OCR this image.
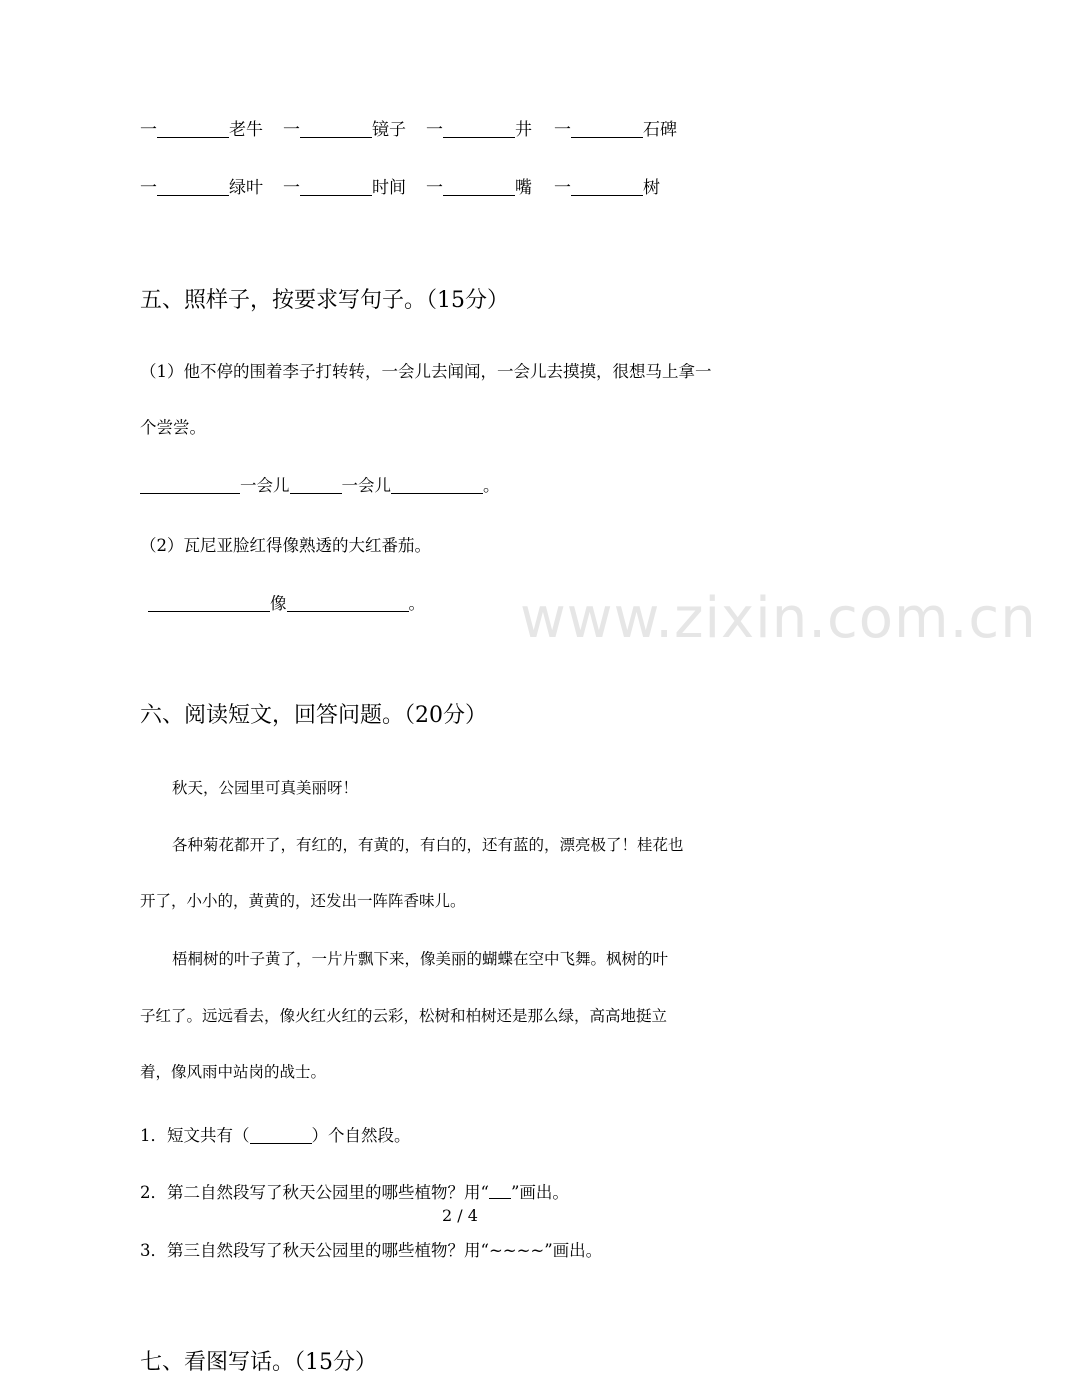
www.zixin.com.cn
一	老牛 一	镜子 一	井 一	石碑
一	绿叶 一	时间 一	嘴 一	树
五、照样子，按要求写句子。（15分）
（1）他不停的围着李子打转转，一会儿去闻闻，一会儿去摸摸，很想马上拿一
个尝尝。
一会儿	一会儿	。
（2）瓦尼亚脸红得像熟透的大红番茄。
像	。
六、阅读短文，回答问题。（20分）
秋天，公园里可真美丽呀！
各种菊花都开了，有红的，有黄的，有白的，还有蓝的，漂亮极了！桂花也
开了，小小的，黄黄的，还发出一阵阵香味儿。
梧桐树的叶子黄了，一片片飘下来，像美丽的蝴蝶在空中飞舞。枫树的叶
子红了。远远看去，像火红火红的云彩，松树和柏树还是那么绿，高高地挺立
着，像风雨中站岗的战士。
1．短文共有（	）个自然段。
2．第二自然段写了秋天公园里的哪些植物？用“ ”画出。
3．第三自然段写了秋天公园里的哪些植物？用“~~~~”画出。
七、看图写话。（15分）
2 / 4
